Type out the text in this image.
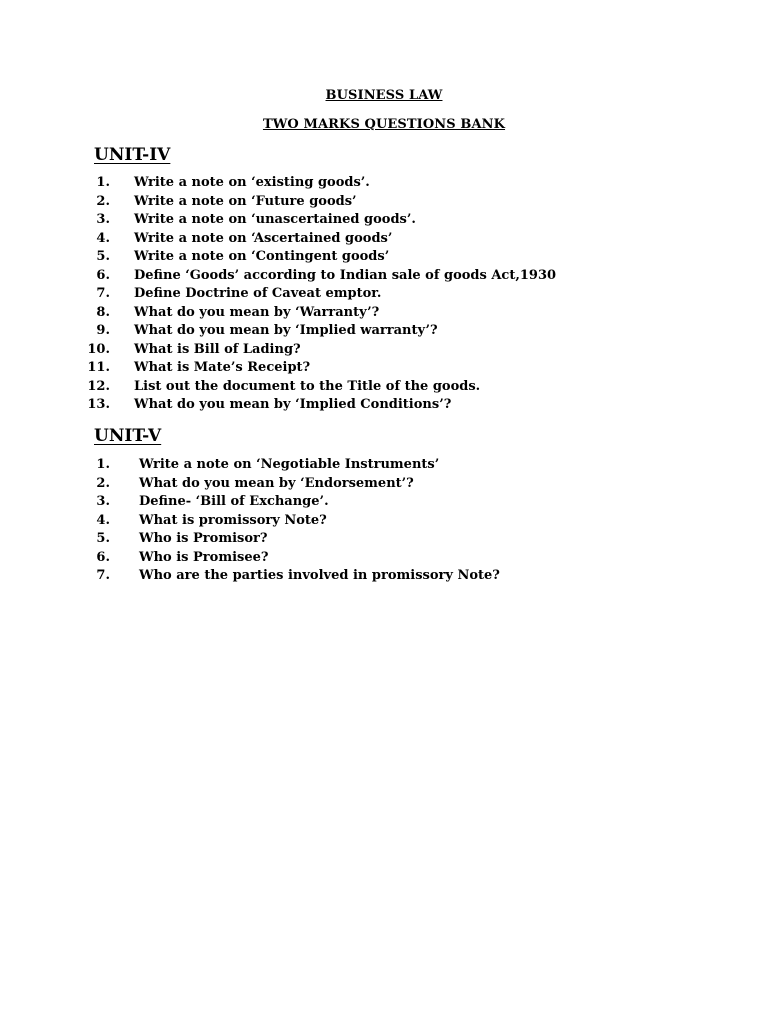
BUSINESS LAW
TWO MARKS QUESTIONS BANK
UNIT-IV
1. Write a note on ‘existing goods’.
2. Write a note on ‘Future goods’
3. Write a note on ‘unascertained goods’.
4. Write a note on ‘Ascertained goods’
5. Write a note on ‘Contingent goods’
6. Define ‘Goods’ according to Indian sale of goods Act,1930
7. Define Doctrine of Caveat emptor.
8. What do you mean by ‘Warranty’?
9. What do you mean by ‘Implied warranty’?
10. What is Bill of Lading?
11. What is Mate’s Receipt?
12. List out the document to the Title of the goods.
13. What do you mean by ‘Implied Conditions’?
UNIT-V
1. Write a note on ‘Negotiable Instruments’
2. What do you mean by ‘Endorsement’?
3. Define- ‘Bill of Exchange’.
4. What is promissory Note?
5. Who is Promisor?
6. Who is Promisee?
7. Who are the parties involved in promissory Note?
